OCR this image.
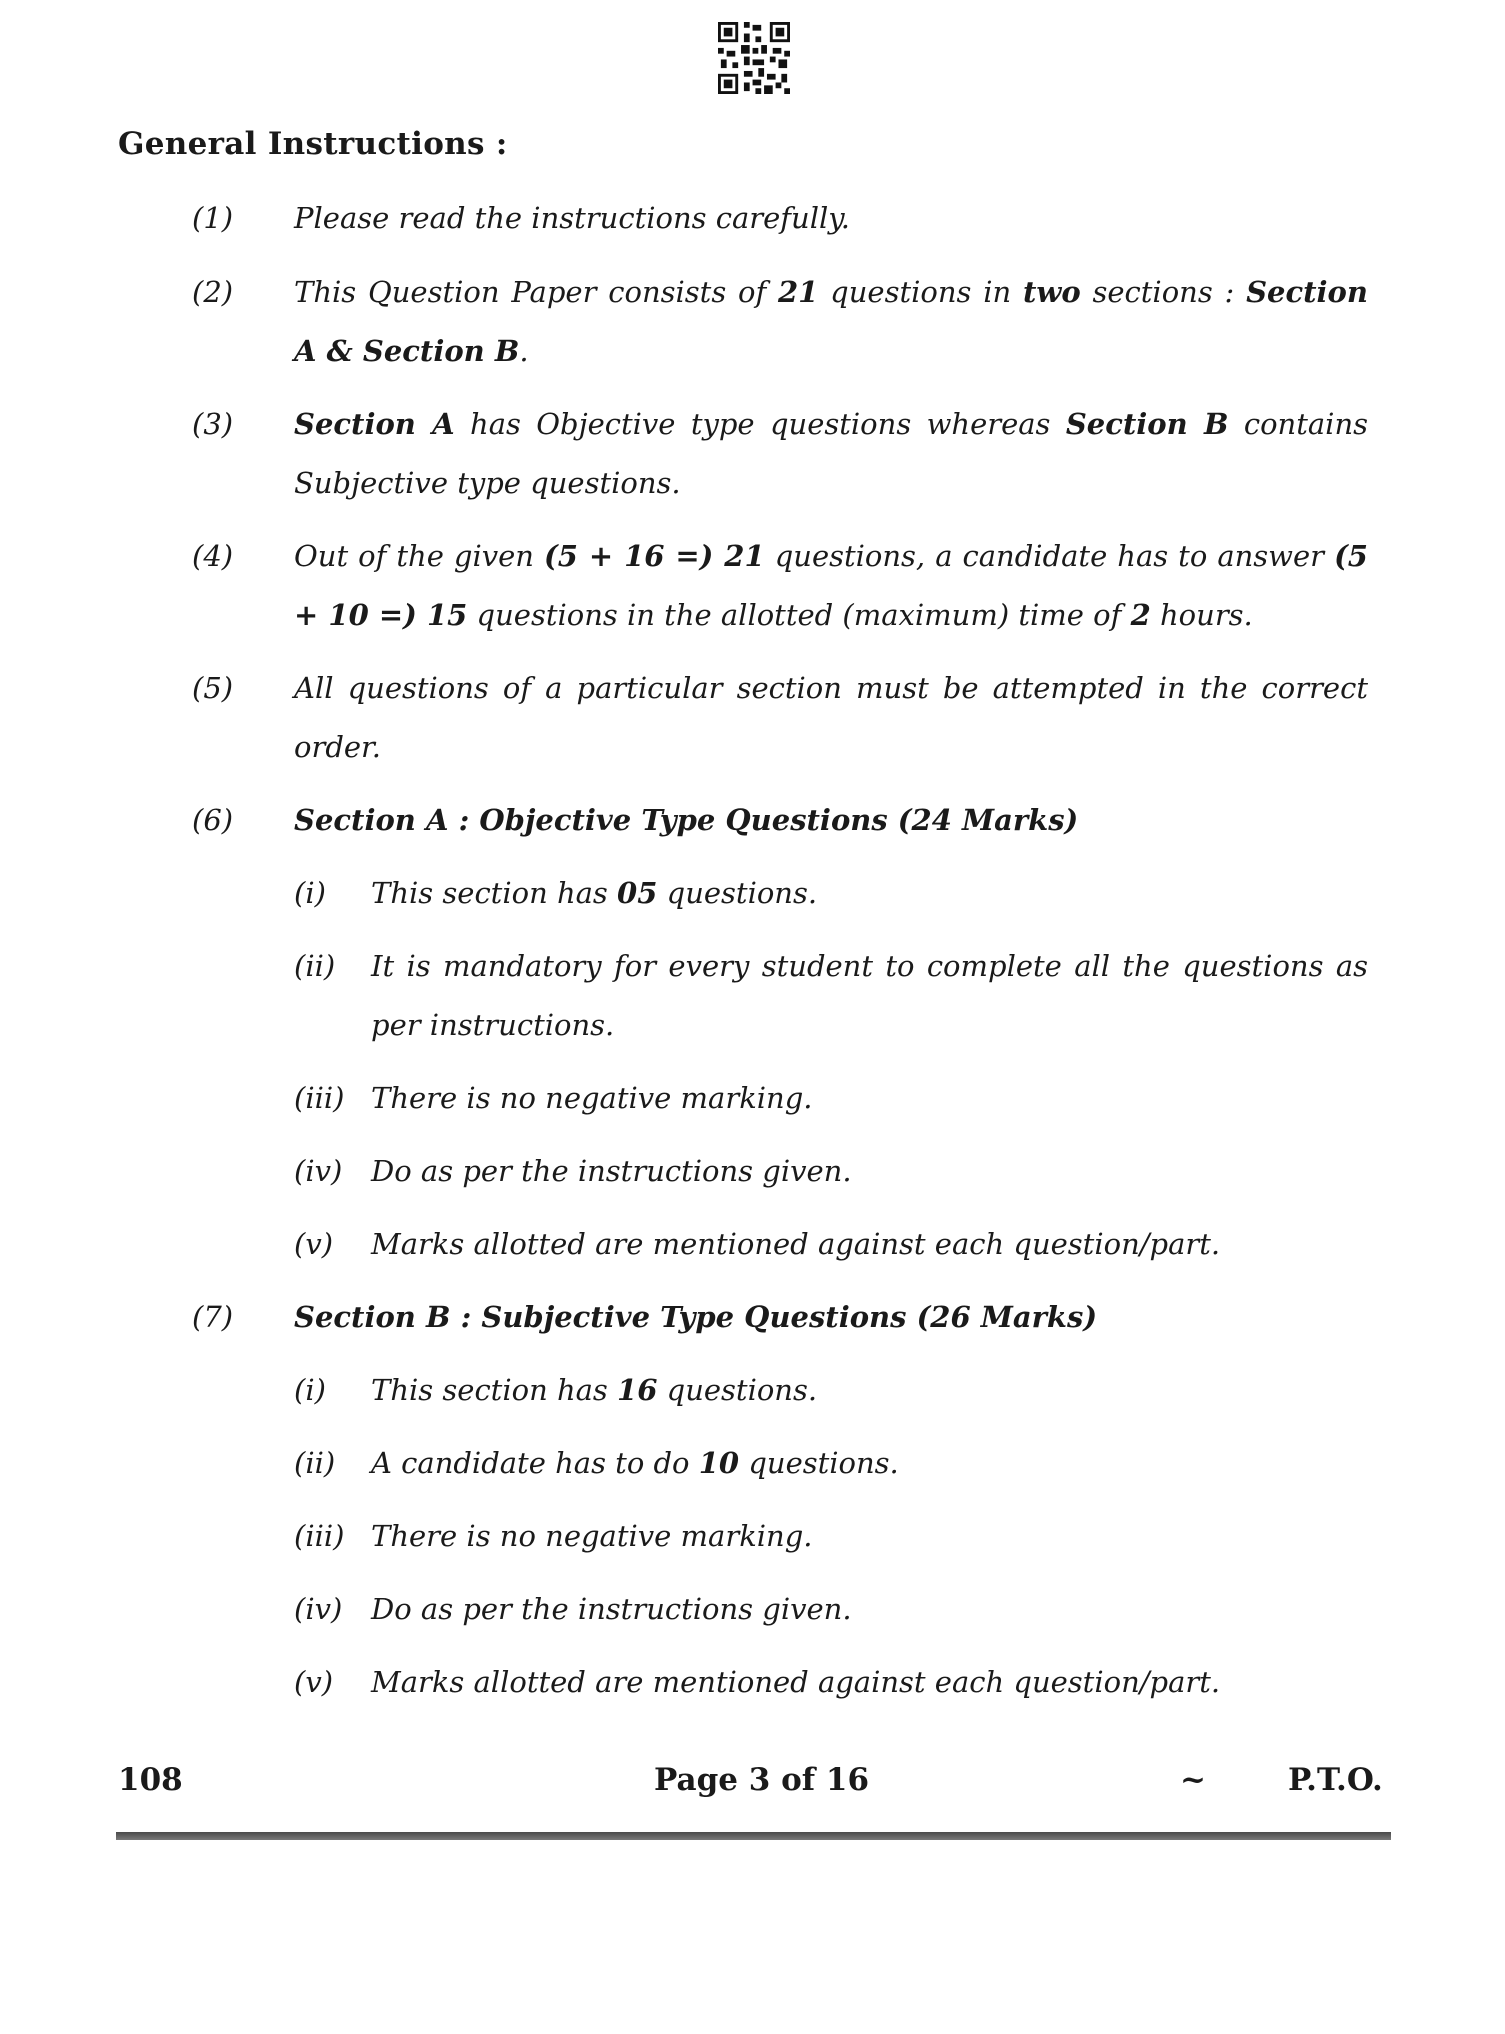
General Instructions :
(1)	Please read the instructions carefully.
(2)	This Question Paper consists of 21 questions in two sections : Section A & Section B.
(3)	Section A has Objective type questions whereas Section B contains Subjective type questions.
(4)	Out of the given (5 + 16 =) 21 questions, a candidate has to answer (5 + 10 =) 15 questions in the allotted (maximum) time of 2 hours.
(5)	All questions of a particular section must be attempted in the correct order.
(6)	Section A : Objective Type Questions (24 Marks)
(i)	This section has 05 questions.
(ii)	It is mandatory for every student to complete all the questions as per instructions.
(iii) There is no negative marking.
(iv) Do as per the instructions given.
(v)	Marks allotted are mentioned against each question/part.
(7)	Section B : Subjective Type Questions (26 Marks)
(i)	This section has 16 questions.
(ii)	A candidate has to do 10 questions.
(iii) There is no negative marking.
(iv) Do as per the instructions given.
(v)	Marks allotted are mentioned against each question/part.
108	Page 3 of 16	~	P.T.O.
